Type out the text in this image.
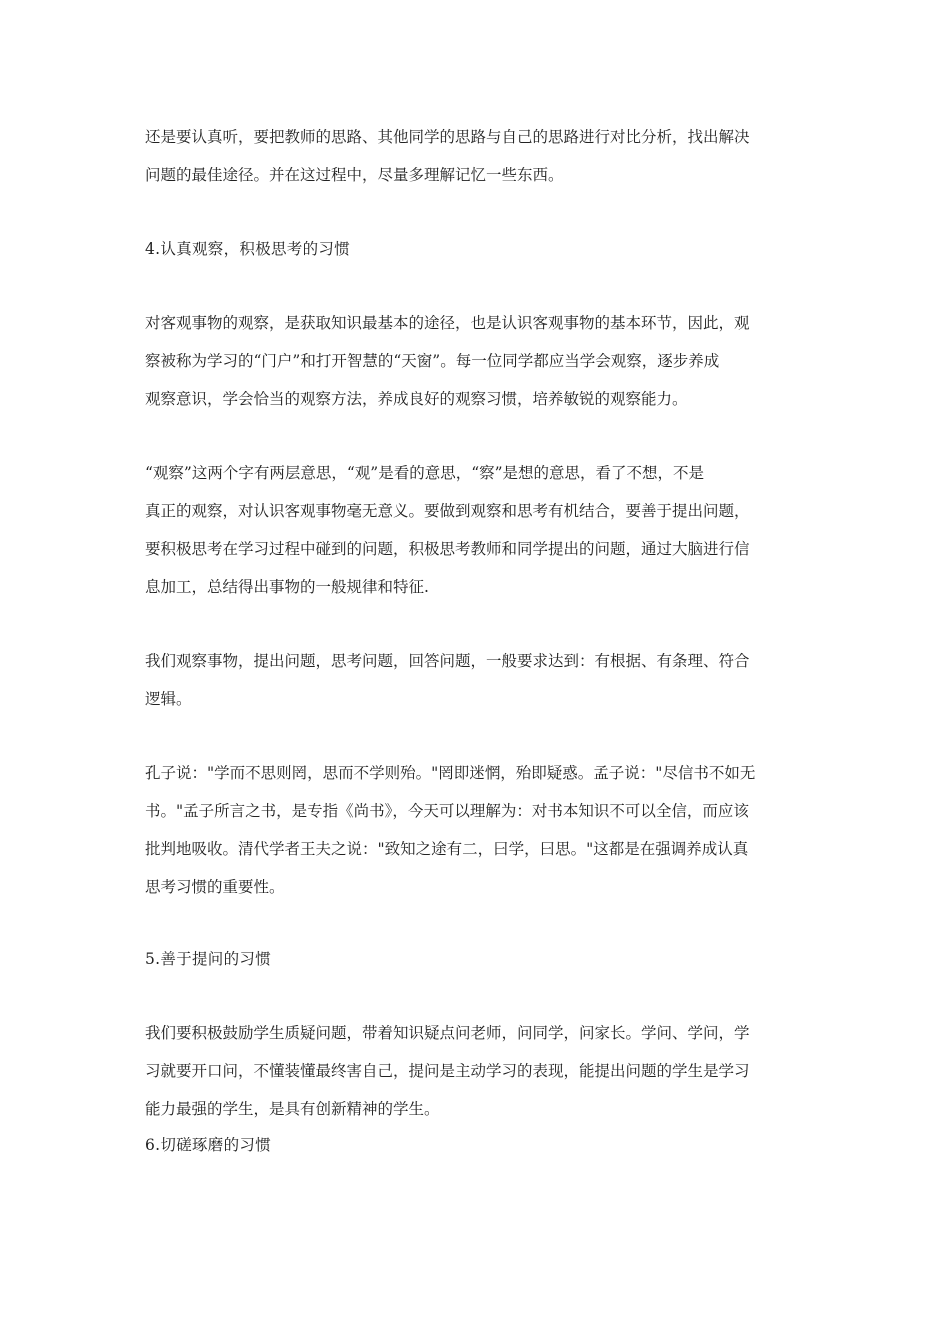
还是要认真听，要把教师的思路、其他同学的思路与自己的思路进行对比分析，找出解决
问题的最佳途径。并在这过程中，尽量多理解记忆一些东西。
4.认真观察，积极思考的习惯
对客观事物的观察，是获取知识最基本的途径，也是认识客观事物的基本环节，因此，观
察被称为学习的“门户”和打开智慧的“天窗”。每一位同学都应当学会观察，逐步养成
观察意识，学会恰当的观察方法，养成良好的观察习惯，培养敏锐的观察能力。
“观察”这两个字有两层意思，“观”是看的意思，“察”是想的意思，看了不想，不是
真正的观察，对认识客观事物毫无意义。要做到观察和思考有机结合，要善于提出问题，
要积极思考在学习过程中碰到的问题，积极思考教师和同学提出的问题，通过大脑进行信
息加工，总结得出事物的一般规律和特征.
我们观察事物，提出问题，思考问题，回答问题，一般要求达到：有根据、有条理、符合
逻辑。
孔子说："学而不思则罔，思而不学则殆。"罔即迷惘，殆即疑惑。孟子说："尽信书不如无
书。"孟子所言之书，是专指《尚书》，今天可以理解为：对书本知识不可以全信，而应该
批判地吸收。清代学者王夫之说："致知之途有二，曰学，曰思。"这都是在强调养成认真
思考习惯的重要性。
5.善于提问的习惯
我们要积极鼓励学生质疑问题，带着知识疑点问老师，问同学，问家长。学问、学问，学
习就要开口问，不懂装懂最终害自己，提问是主动学习的表现，能提出问题的学生是学习
能力最强的学生，是具有创新精神的学生。
6.切磋琢磨的习惯
